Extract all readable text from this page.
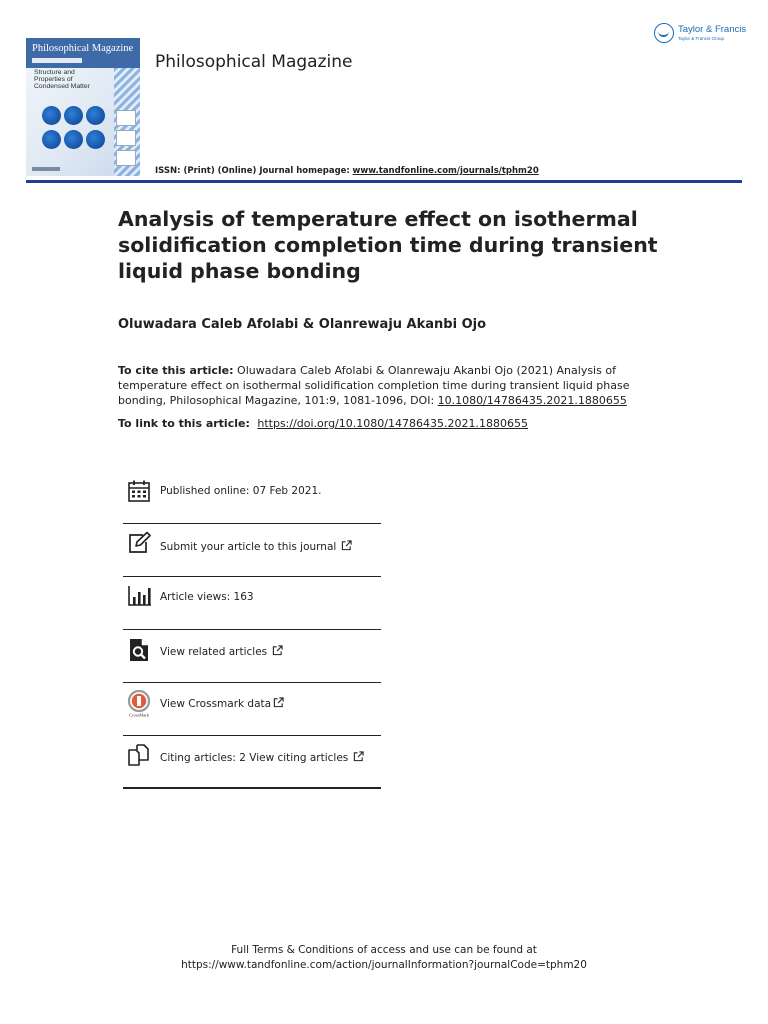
Philosophical Magazine
Structure and
Properties of
Condensed Matter
Philosophical Magazine
Taylor & Francis
Taylor & Francis Group
ISSN: (Print) (Online) Journal homepage: www.tandfonline.com/journals/tphm20
Analysis of temperature effect on isothermal solidification completion time during transient liquid phase bonding
Oluwadara Caleb Afolabi & Olanrewaju Akanbi Ojo
To cite this article: Oluwadara Caleb Afolabi & Olanrewaju Akanbi Ojo (2021) Analysis of temperature effect on isothermal solidification completion time during transient liquid phase bonding, Philosophical Magazine, 101:9, 1081-1096, DOI: 10.1080/14786435.2021.1880655
To link to this article: https://doi.org/10.1080/14786435.2021.1880655
Published online: 07 Feb 2021.
Submit your article to this journal
Article views: 163
View related articles
CrossMark
View Crossmark data
Citing articles: 2 View citing articles
Full Terms & Conditions of access and use can be found at
https://www.tandfonline.com/action/journalInformation?journalCode=tphm20
